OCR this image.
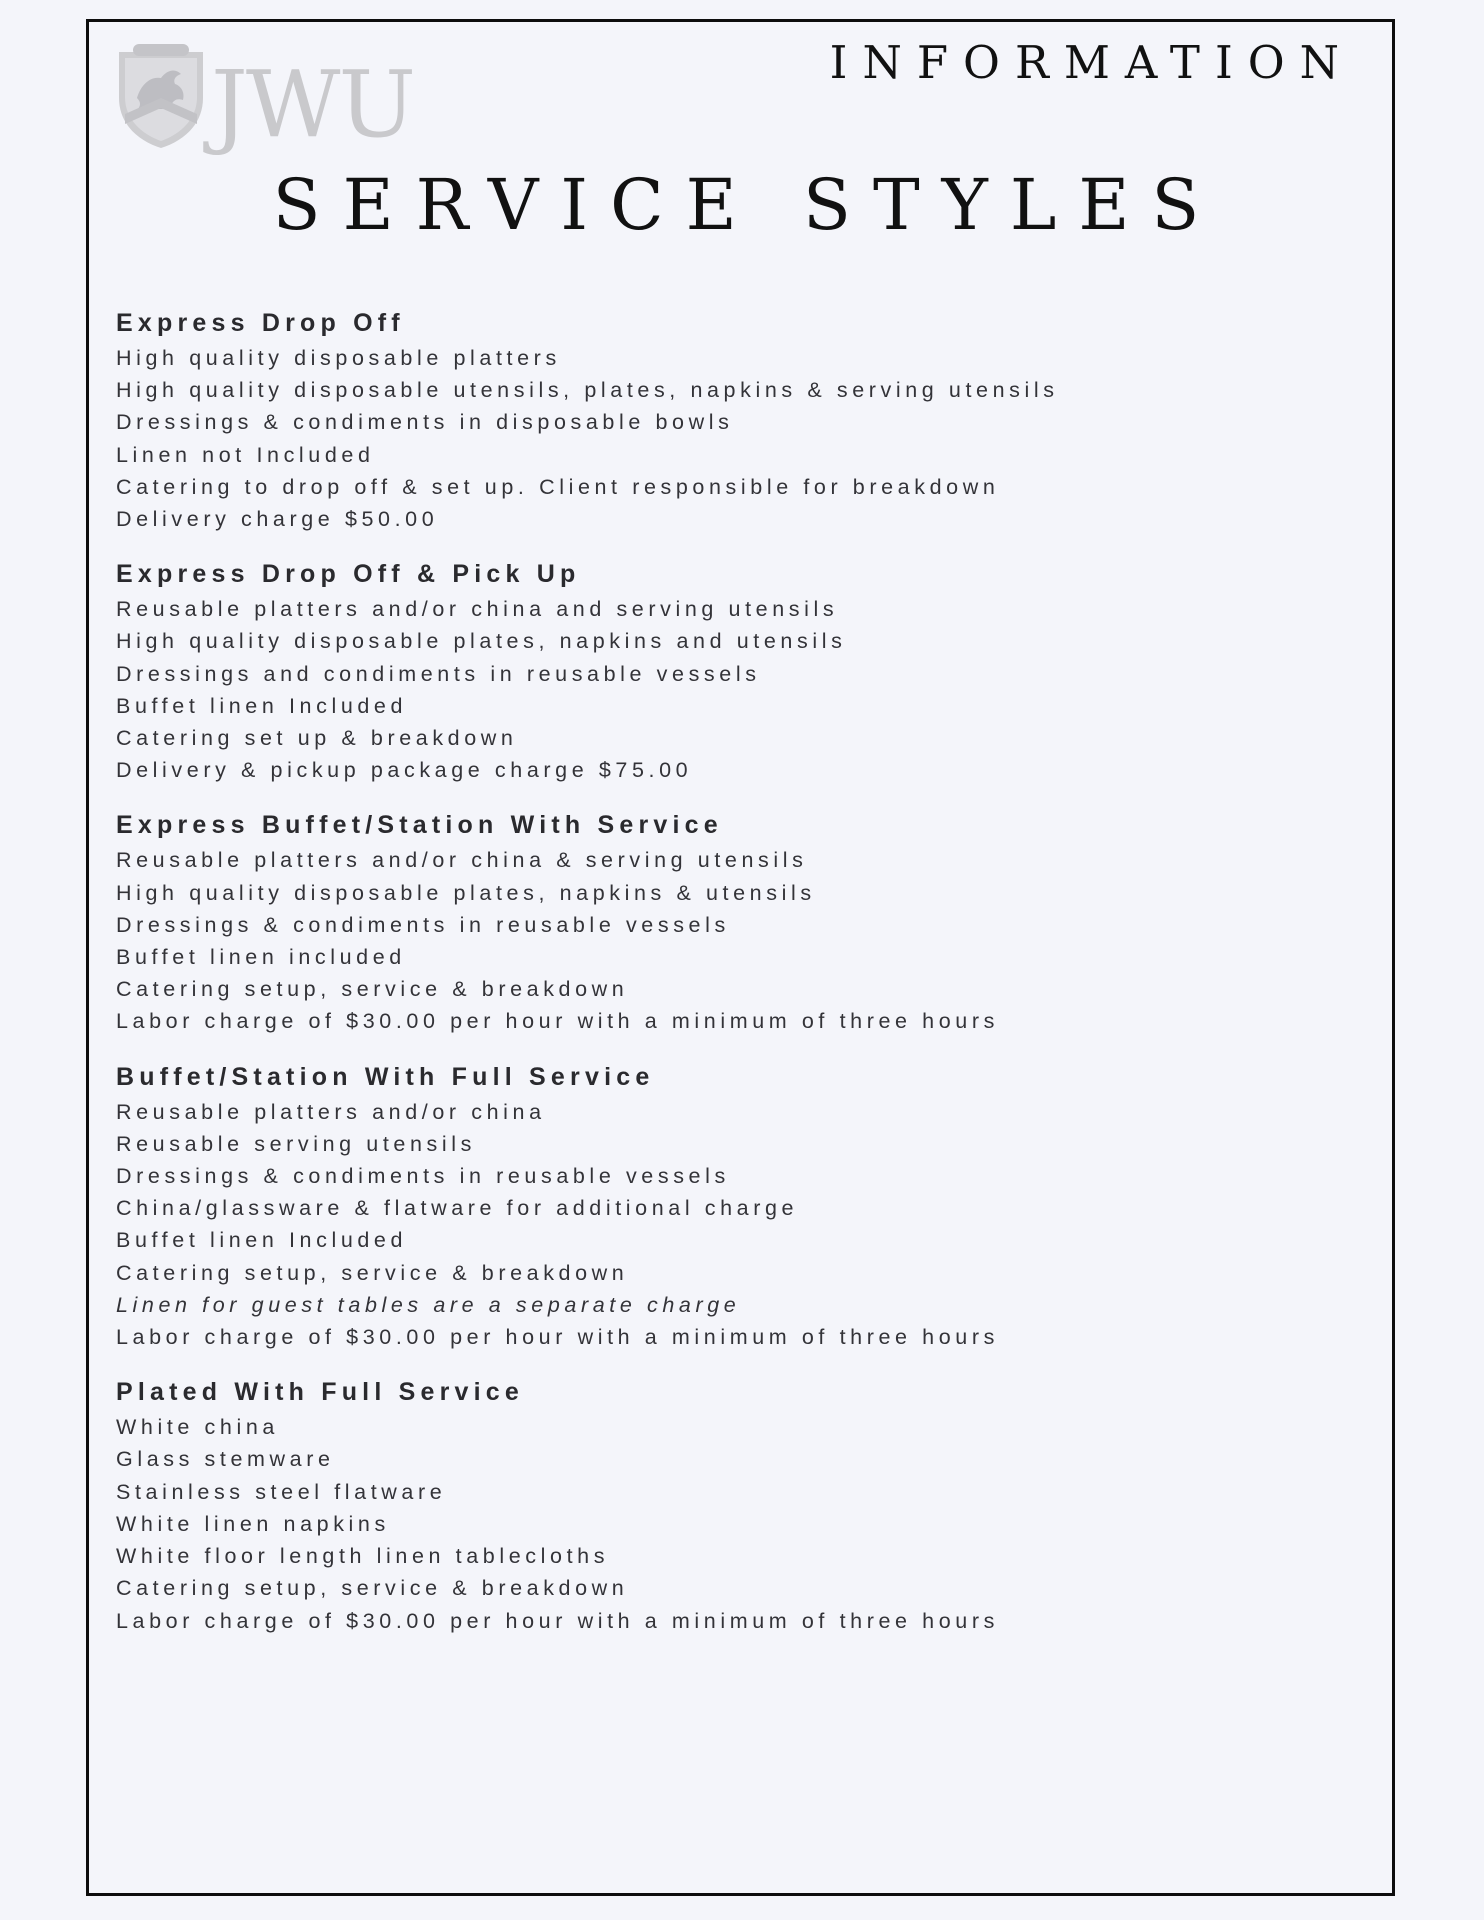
JWU	INFORMATION
SERVICE STYLES
Express Drop Off
High quality disposable platters
High quality disposable utensils, plates, napkins & serving utensils
Dressings & condiments in disposable bowls
Linen not Included
Catering to drop off & set up. Client responsible for breakdown
Delivery charge $50.00
Express Drop Off & Pick Up
Reusable platters and/or china and serving utensils
High quality disposable plates, napkins and utensils
Dressings and condiments in reusable vessels
Buffet linen Included
Catering set up & breakdown
Delivery & pickup package charge $75.00
Express Buffet/Station With Service
Reusable platters and/or china & serving utensils
High quality disposable plates, napkins & utensils
Dressings & condiments in reusable vessels
Buffet linen included
Catering setup, service & breakdown
Labor charge of $30.00 per hour with a minimum of three hours
Buffet/Station With Full Service
Reusable platters and/or china
Reusable serving utensils
Dressings & condiments in reusable vessels
China/glassware & flatware for additional charge
Buffet linen Included
Catering setup, service & breakdown
Linen for guest tables are a separate charge
Labor charge of $30.00 per hour with a minimum of three hours
Plated With Full Service
White china
Glass stemware
Stainless steel flatware
White linen napkins
White floor length linen tablecloths
Catering setup, service & breakdown
Labor charge of $30.00 per hour with a minimum of three hours
